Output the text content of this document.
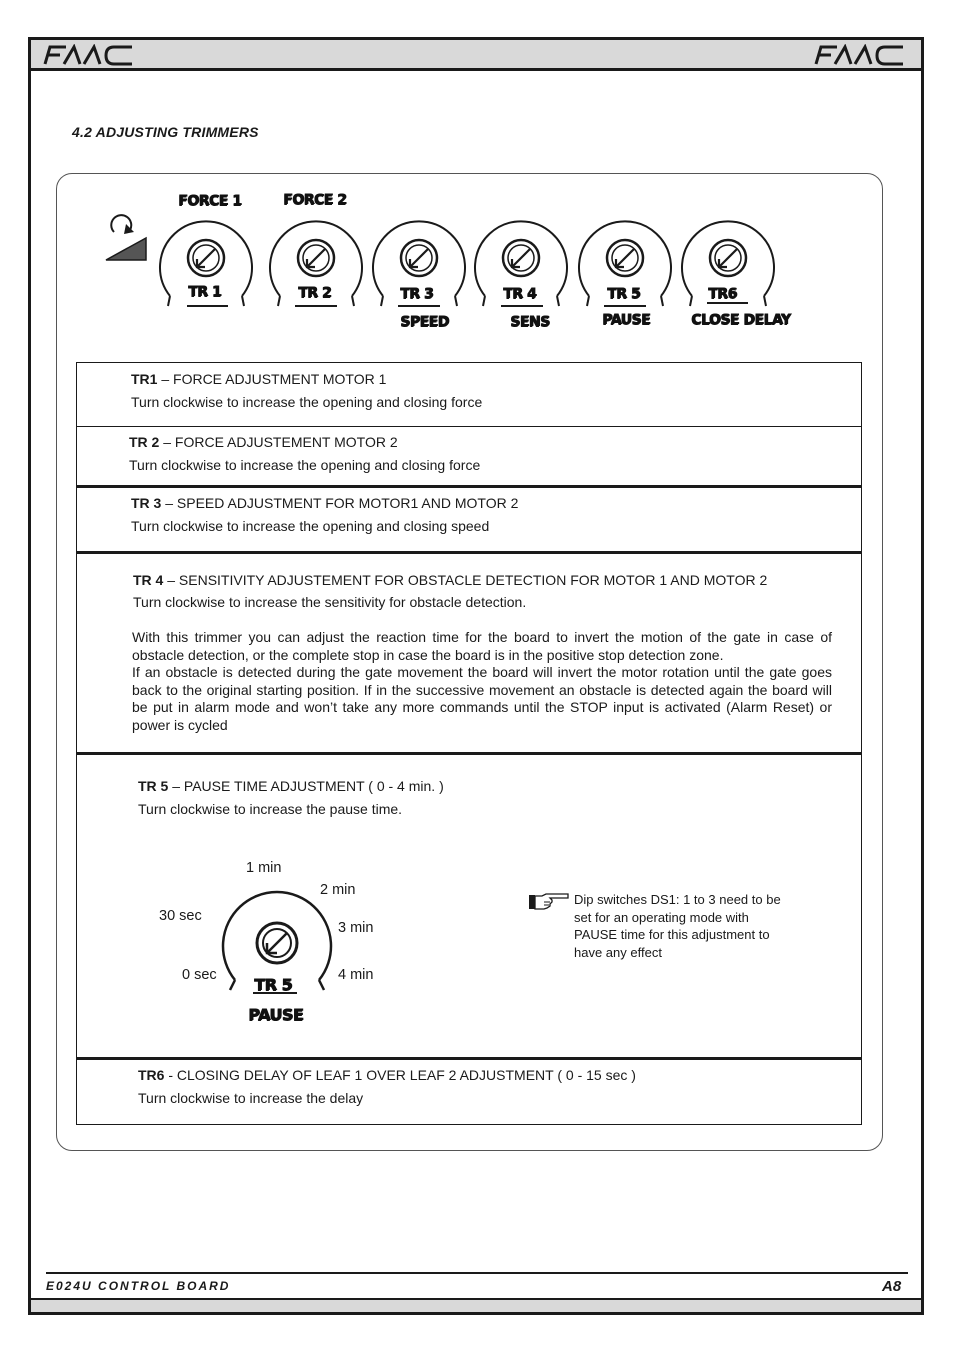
4.2 ADJUSTING TRIMMERS
FORCE 1	FORCE 2
TR 1	TR 2	TR 3	TR 4	TR 5	TR6
SPEED	SENS	PAUSE	CLOSE DELAY
TR1 – FORCE ADJUSTMENT MOTOR 1
Turn clockwise to increase the opening and closing force
TR 2 – FORCE ADJUSTEMENT MOTOR 2
Turn clockwise to increase the opening and closing force
TR 3 – SPEED ADJUSTMENT FOR MOTOR1 AND MOTOR 2
Turn clockwise to increase the opening and closing speed
TR 4 – SENSITIVITY ADJUSTEMENT FOR OBSTACLE DETECTION FOR MOTOR 1 AND MOTOR 2
Turn clockwise to increase the sensitivity for obstacle detection.
With this trimmer you can adjust the reaction time for the board to invert the motion of the gate in case of obstacle detection, or the complete stop in case the board is in the positive stop detection zone.
If an obstacle is detected during the gate movement the board will invert the motor rotation until the gate goes back to the original starting position. If in the successive movement an obstacle is detected again the board will be put in alarm mode and won’t take any more commands until the STOP input is activated (Alarm Reset) or power is cycled
TR 5 – PAUSE TIME ADJUSTMENT ( 0 - 4 min. )
Turn clockwise to increase the pause time.
1 min
2 min
30 sec
3 min
0 sec	4 min
TR 5
PAUSE
Dip switches DS1: 1 to 3 need to be set for an operating mode with PAUSE time for this adjustment to have any effect
TR6 - CLOSING DELAY OF LEAF 1 OVER LEAF 2 ADJUSTMENT ( 0 - 15 sec )
Turn clockwise to increase the delay
E024U CONTROL BOARD	A8
